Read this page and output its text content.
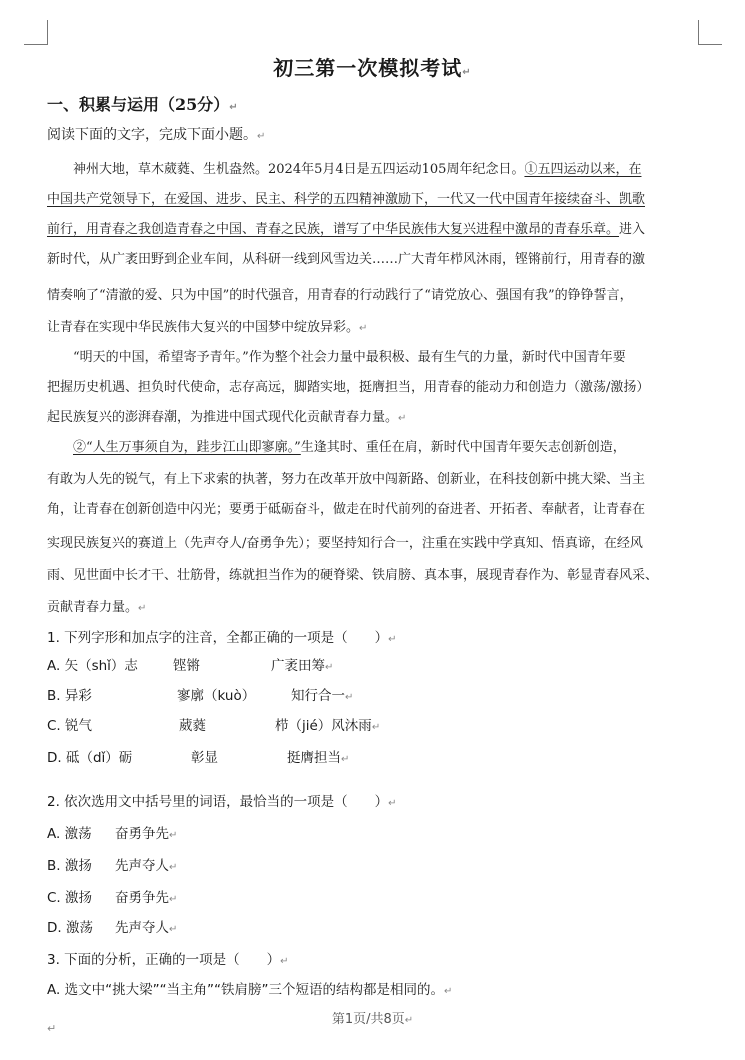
初三第一次模拟考试↵
一、积累与运用（25分）↵
阅读下面的文字，完成下面小题。↵
神州大地，草木葳蕤、生机盎然。2024年5月4日是五四运动105周年纪念日。①五四运动以来，在
中国共产党领导下，在爱国、进步、民主、科学的五四精神激励下，一代又一代中国青年接续奋斗、凯歌
前行，用青春之我创造青春之中国、青春之民族，谱写了中华民族伟大复兴进程中激昂的青春乐章。进入
新时代，从广袤田野到企业车间，从科研一线到风雪边关……广大青年栉风沐雨，铿锵前行，用青春的激
情奏响了“清澈的爱、只为中国”的时代强音，用青春的行动践行了“请党放心、强国有我”的铮铮誓言，
让青春在实现中华民族伟大复兴的中国梦中绽放异彩。↵
“明天的中国，希望寄予青年。”作为整个社会力量中最积极、最有生气的力量，新时代中国青年要
把握历史机遇、担负时代使命，志存高远，脚踏实地，挺膺担当，用青春的能动力和创造力（激荡/激扬）
起民族复兴的澎湃春潮，为推进中国式现代化贡献青春力量。↵
②“人生万事须自为，跬步江山即寥廓。”生逢其时、重任在肩，新时代中国青年要矢志创新创造，
有敢为人先的锐气，有上下求索的执著，努力在改革开放中闯新路、创新业，在科技创新中挑大梁、当主
角，让青春在创新创造中闪光；要勇于砥砺奋斗，做走在时代前列的奋进者、开拓者、奉献者，让青春在
实现民族复兴的赛道上（先声夺人/奋勇争先）；要坚持知行合一，注重在实践中学真知、悟真谛，在经风
雨、见世面中长才干、壮筋骨，练就担当作为的硬脊梁、铁肩膀、真本事，展现青春作为、彰显青春风采、
贡献青春力量。↵
1. 下列字形和加点字的注音，全都正确的一项是（　　）↵
A. 矢（shǐ）志	铿锵	广袤田筹↵
B. 异彩	寥廓（kuò）	知行合一↵
C. 锐气	葳蕤	栉（jié）风沐雨↵
D. 砥（dǐ）砺	彰显	挺膺担当↵
2. 依次选用文中括号里的词语，最恰当的一项是（　　）↵
A. 激荡 奋勇争先↵
B. 激扬 先声夺人↵
C. 激扬 奋勇争先↵
D. 激荡 先声夺人↵
3. 下面的分析，正确的一项是（　　）↵
A. 选文中“挑大梁”“当主角”“铁肩膀”三个短语的结构都是相同的。↵
第1页/共8页↵
↵
